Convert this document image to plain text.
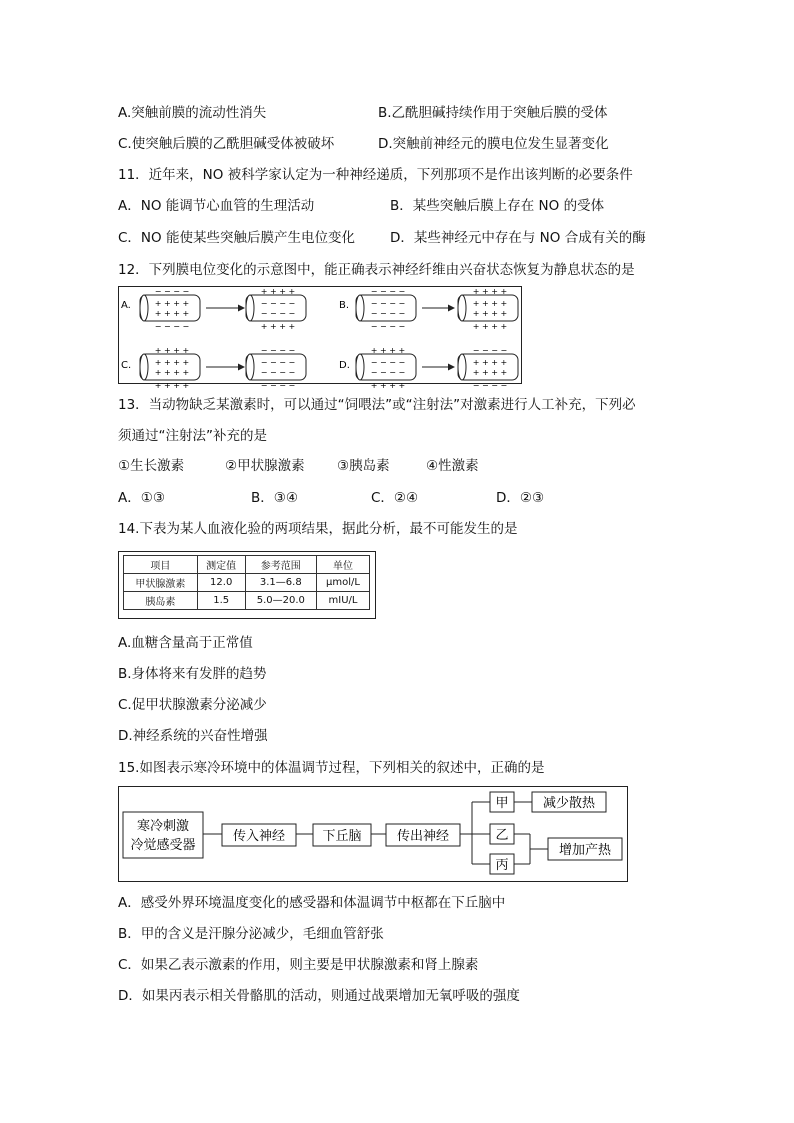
A.突触前膜的流动性消失	B.乙酰胆碱持续作用于突触后膜的受体
C.使突触后膜的乙酰胆碱受体被破坏	D.突触前神经元的膜电位发生显著变化
11．近年来，NO 被科学家认定为一种神经递质，下列那项不是作出该判断的必要条件
A．NO 能调节心血管的生理活动	B．某些突触后膜上存在 NO 的受体
C．NO 能使某些突触后膜产生电位变化	D．某些神经元中存在与 NO 合成有关的酶
12．下列膜电位变化的示意图中，能正确表示神经纤维由兴奋状态恢复为静息状态的是
A.	B.
C.	D.
− − − −
+ + + +
+ + + +
− − − −
+ + + +
− − − −
− − − −
+ + + +
− − − −
− − − −
− − − −
− − − −
+ + + +
+ + + +
+ + + +
+ + + +
+ + + +
+ + + +
+ + + +
+ + + +
− − − −
− − − −
− − − −
− − − −
+ + + +
− − − −
− − − −
+ + + +
− − − −
+ + + +
+ + + +
− − − −
13．当动物缺乏某激素时，可以通过“饲喂法”或“注射法”对激素进行人工补充，下列必
须通过“注射法”补充的是
①生长激素	②甲状腺激素 ③胰岛素	④性激素
A．①③	B．③④	C．②④	D．②③
14.下表为某人血液化验的两项结果，据此分析，最不可能发生的是
项目	测定值	参考范围	单位
甲状腺激素	12.0	3.1—6.8	μmol/L
胰岛素	1.5	5.0—20.0	mIU/L
A.血糖含量高于正常值
B.身体将来有发胖的趋势
C.促甲状腺激素分泌减少
D.神经系统的兴奋性增强
15.如图表示寒冷环境中的体温调节过程，下列相关的叙述中，正确的是
寒冷刺激
冷觉感受器
传入神经	下丘脑	传出神经
甲	减少散热
乙
丙
增加产热
A．感受外界环境温度变化的感受器和体温调节中枢都在下丘脑中
B．甲的含义是汗腺分泌减少，毛细血管舒张
C．如果乙表示激素的作用，则主要是甲状腺激素和肾上腺素
D．如果丙表示相关骨骼肌的活动，则通过战栗增加无氧呼吸的强度
